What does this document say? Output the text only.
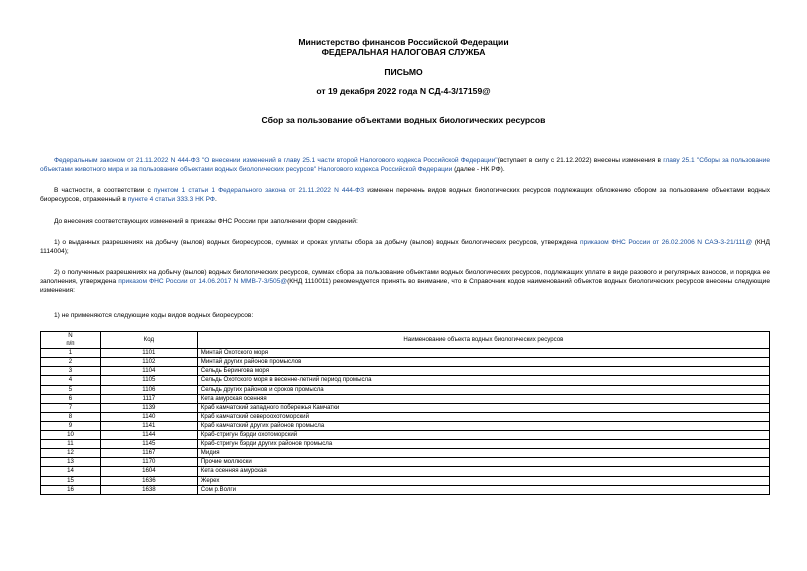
Министерство финансов Российской Федерации
ФЕДЕРАЛЬНАЯ НАЛОГОВАЯ СЛУЖБА
ПИСЬМО
от 19 декабря 2022 года N СД-4-3/17159@
Сбор за пользование объектами водных биологических ресурсов
Федеральным законом от 21.11.2022 N 444-ФЗ "О внесении изменений в главу 25.1 части второй Налогового кодекса Российской Федерации"(вступает в силу с 21.12.2022) внесены изменения в главу 25.1 "Сборы за пользование объектами животного мира и за пользование объектами водных биологических ресурсов" Налогового кодекса Российской Федерации (далее - НК РФ).
В частности, в соответствии с пунктом 1 статьи 1 Федерального закона от 21.11.2022 N 444-ФЗ изменен перечень видов водных биологических ресурсов подлежащих обложению сбором за пользование объектами водных биоресурсов, отраженный в пункте 4 статьи 333.3 НК РФ.
До внесения соответствующих изменений в приказы ФНС России при заполнении форм сведений:
1) о выданных разрешениях на добычу (вылов) водных биоресурсов, суммах и сроках уплаты сбора за добычу (вылов) водных биологических ресурсов, утверждена приказом ФНС России от 26.02.2006 N САЭ-3-21/111@ (КНД 1114004);
2) о полученных разрешениях на добычу (вылов) водных биологических ресурсов, суммах сбора за пользование объектами водных биологических ресурсов, подлежащих уплате в виде разового и регулярных взносов, и порядка ее заполнения, утверждена приказом ФНС России от 14.06.2017 N ММВ-7-3/505@(КНД 1110011) рекомендуется принять во внимание, что в Справочник кодов наименований объектов водных биологических ресурсов внесены следующие изменения:
1) не применяются следующие коды видов водных биоресурсов:
N
п/п	Код	Наименование объекта водных биологических ресурсов
1	1101	Минтай Охотского моря
2	1102	Минтай других районов промыслов
3	1104	Сельдь Берингова моря
4	1105	Сельдь Охотского моря в весенне-летний период промысла
5	1106	Сельдь других районов и сроков промысла
6	1117	Кета амурская осенняя
7	1139	Краб камчатский западного побережья Камчатки
8	1140	Краб камчатский североохотоморский
9	1141	Краб камчатский других районов промысла
10	1144	Краб-стригун бэрди охотоморский
11	1145	Краб-стригун бэрди других районов промысла
12	1167	Мидия
13	1170	Прочие моллюски
14	1604	Кета осенняя амурская
15	1636	Жерех
16	1638	Сом р.Волги
